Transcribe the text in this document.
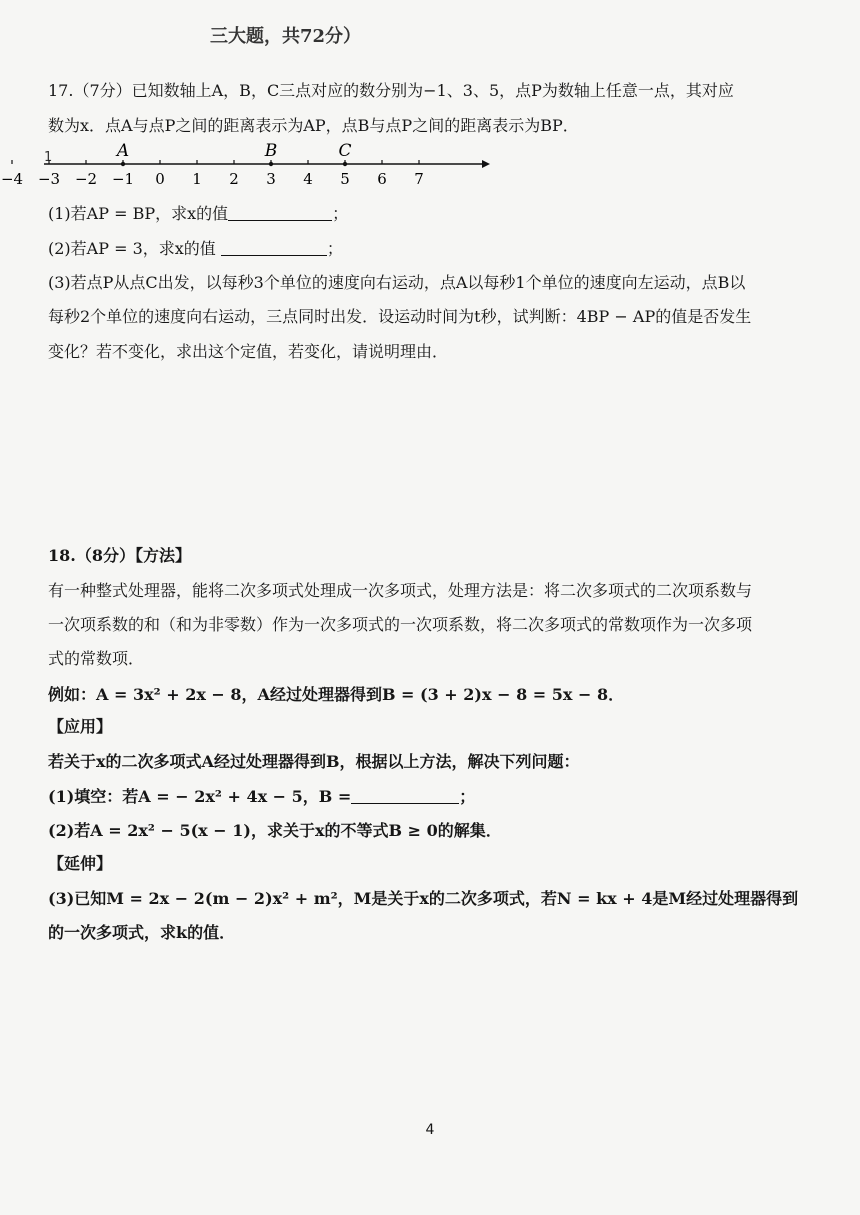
三大题，共72分）
17.（7分）已知数轴上A，B，C三点对应的数分别为−1、3、5，点P为数轴上任意一点，其对应
数为x．点A与点P之间的距离表示为AP，点B与点P之间的距离表示为BP．
1
−4 −3 −2 −1 0 1 2 3 4 5 6 7
A	B	C
(1)若AP = BP，求x的值	；
(2)若AP = 3，求x的值	；
(3)若点P从点C出发，以每秒3个单位的速度向右运动，点A以每秒1个单位的速度向左运动，点B以
每秒2个单位的速度向右运动，三点同时出发．设运动时间为t秒，试判断：4BP − AP的值是否发生
变化？若不变化，求出这个定值，若变化，请说明理由．
18.（8分）【方法】
有一种整式处理器，能将二次多项式处理成一次多项式，处理方法是：将二次多项式的二次项系数与
一次项系数的和（和为非零数）作为一次多项式的一次项系数，将二次多项式的常数项作为一次多项
式的常数项．
例如：A = 3x² + 2x − 8，A经过处理器得到B = (3 + 2)x − 8 = 5x − 8．
【应用】
若关于x的二次多项式A经过处理器得到B，根据以上方法，解决下列问题：
(1)填空：若A = − 2x² + 4x − 5，B =	；
(2)若A = 2x² − 5(x − 1)，求关于x的不等式B ≥ 0的解集．
【延伸】
(3)已知M = 2x − 2(m − 2)x² + m²，M是关于x的二次多项式，若N = kx + 4是M经过处理器得到
的一次多项式，求k的值．
4
